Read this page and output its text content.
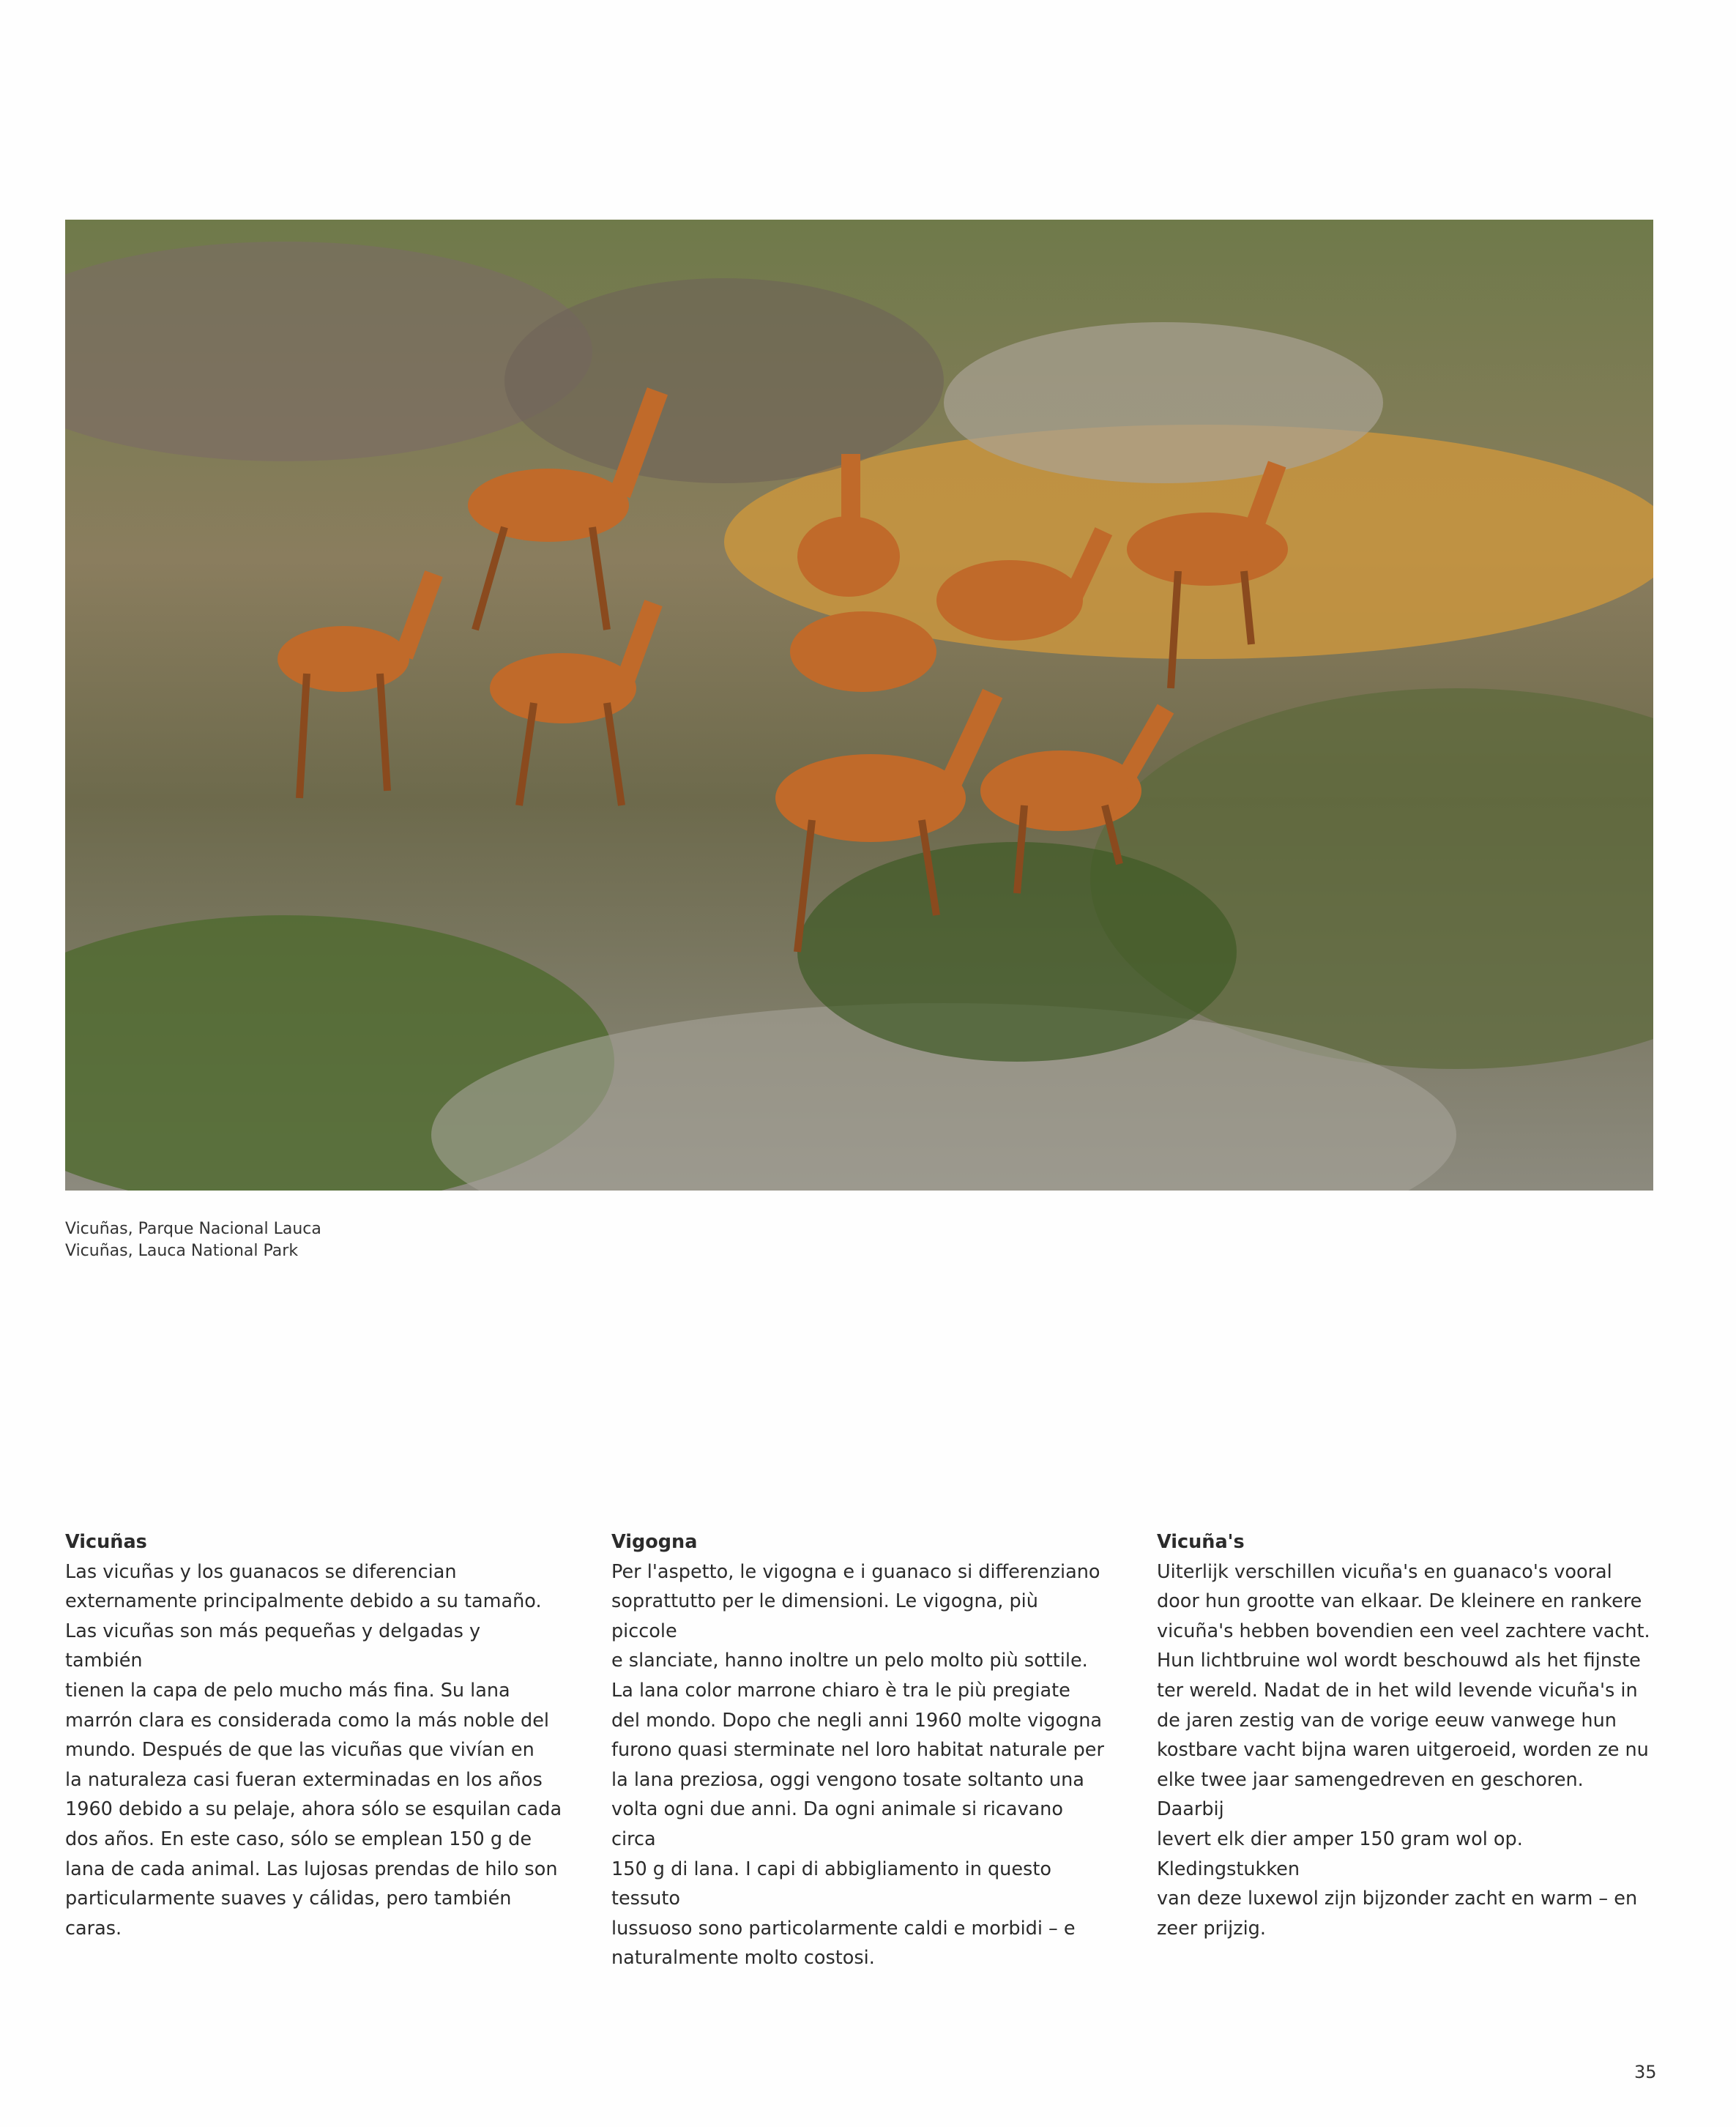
Vicuñas, Parque Nacional Lauca
Vicuñas, Lauca National Park
Vicuñas

Las vicuñas y los guanacos se diferencian
externamente principalmente debido a su tamaño.
Las vicuñas son más pequeñas y delgadas y también
tienen la capa de pelo mucho más fina. Su lana
marrón clara es considerada como la más noble del
mundo. Después de que las vicuñas que vivían en
la naturaleza casi fueran exterminadas en los años
1960 debido a su pelaje, ahora sólo se esquilan cada
dos años. En este caso, sólo se emplean 150 g de
lana de cada animal. Las lujosas prendas de hilo son
particularmente suaves y cálidas, pero también caras.

Vigogna

Per l'aspetto, le vigogna e i guanaco si differenziano
soprattutto per le dimensioni. Le vigogna, più piccole
e slanciate, hanno inoltre un pelo molto più sottile.
La lana color marrone chiaro è tra le più pregiate
del mondo. Dopo che negli anni 1960 molte vigogna
furono quasi sterminate nel loro habitat naturale per
la lana preziosa, oggi vengono tosate soltanto una
volta ogni due anni. Da ogni animale si ricavano circa
150 g di lana. I capi di abbigliamento in questo tessuto
lussuoso sono particolarmente caldi e morbidi – e
naturalmente molto costosi.

Vicuña's

Uiterlijk verschillen vicuña's en guanaco's vooral
door hun grootte van elkaar. De kleinere en rankere
vicuña's hebben bovendien een veel zachtere vacht.
Hun lichtbruine wol wordt beschouwd als het fijnste
ter wereld. Nadat de in het wild levende vicuña's in
de jaren zestig van de vorige eeuw vanwege hun
kostbare vacht bijna waren uitgeroeid, worden ze nu
elke twee jaar samengedreven en geschoren. Daarbij
levert elk dier amper 150 gram wol op. Kledingstukken
van deze luxewol zijn bijzonder zacht en warm – en
zeer prijzig.

35
